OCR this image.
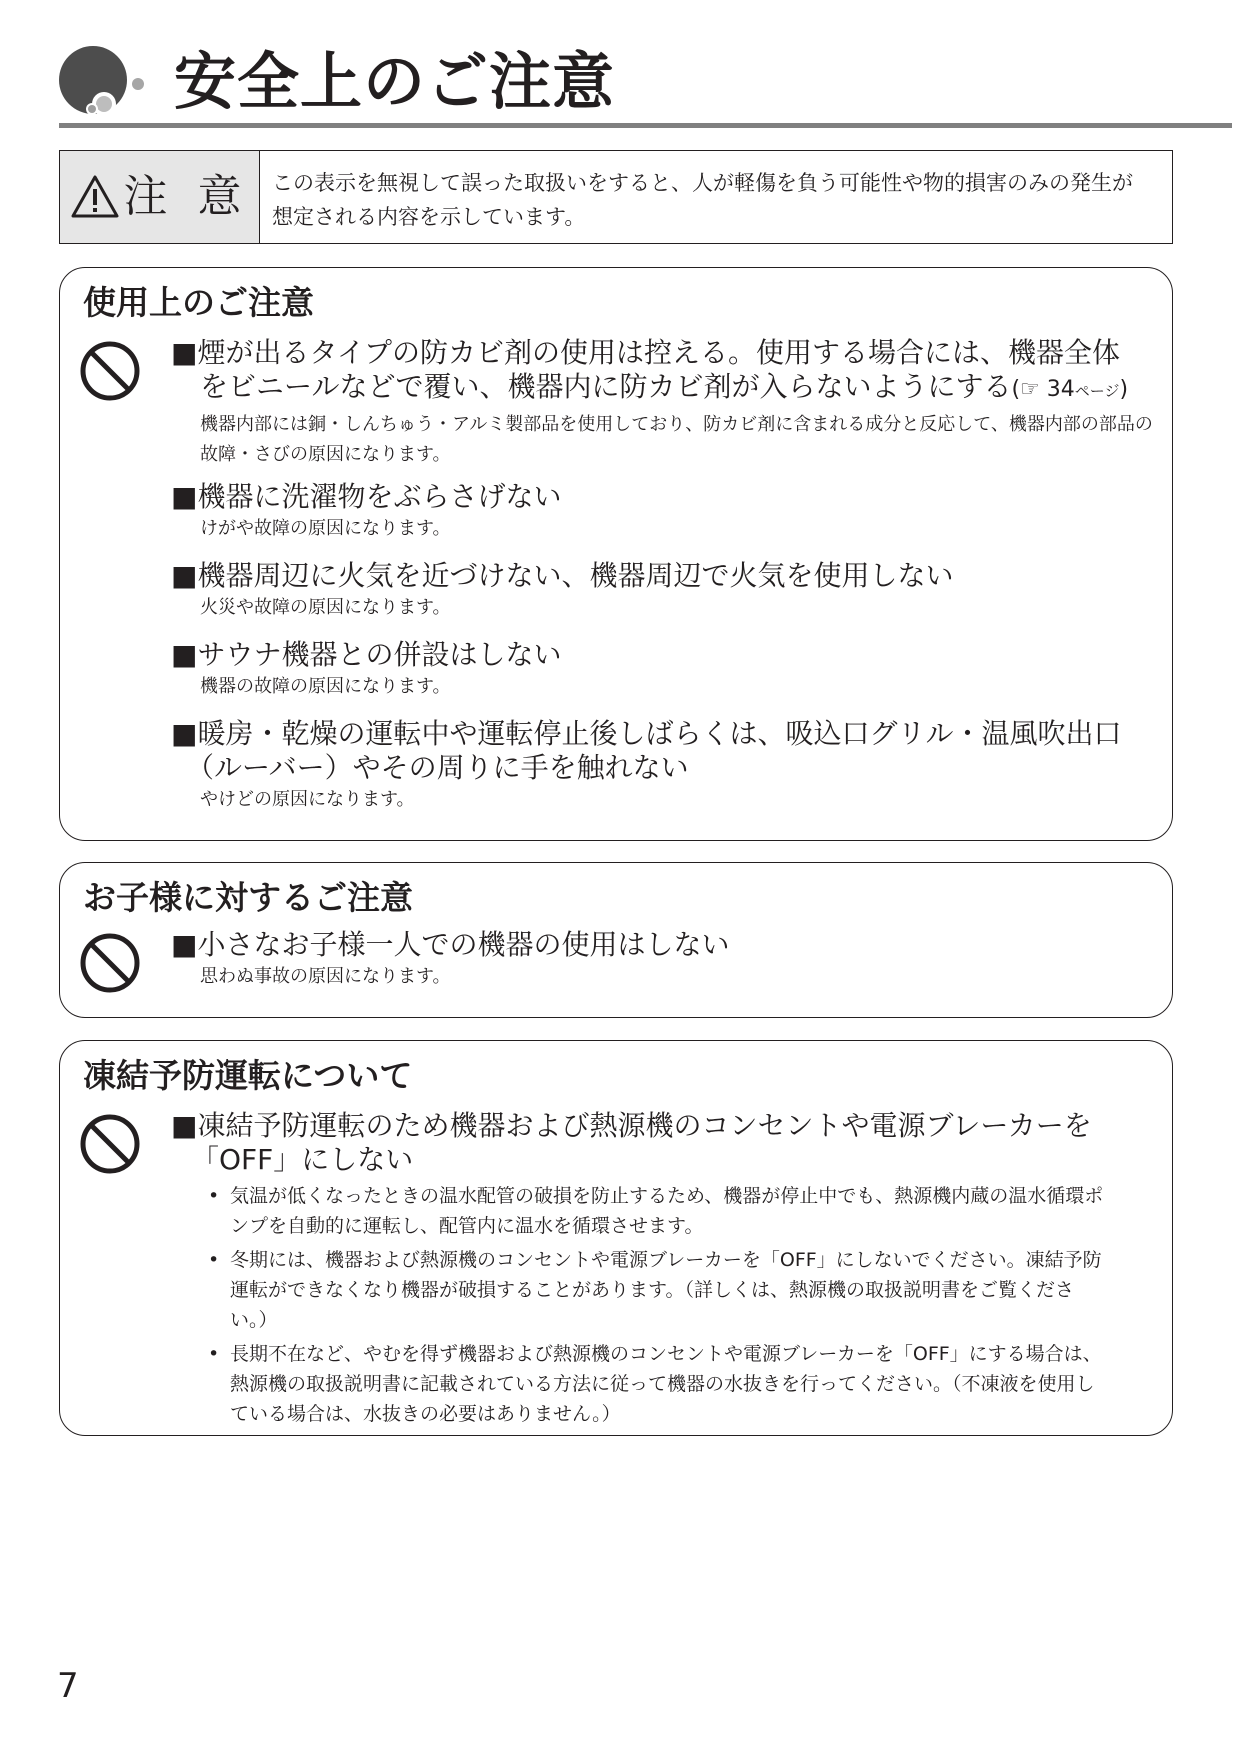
安全上のご注意
注 意	この表示を無視して誤った取扱いをすると、人が軽傷を負う可能性や物的損害のみの発生が想定される内容を示しています。
使用上のご注意
■煙が出るタイプの防カビ剤の使用は控える。使用する場合には、機器全体
をビニールなどで覆い、機器内に防カビ剤が入らないようにする(☞ 34ページ)
機器内部には銅・しんちゅう・アルミ製部品を使用しており、防カビ剤に含まれる成分と反応して、機器内部の部品の故障・さびの原因になります。
■機器に洗濯物をぶらさげない
けがや故障の原因になります。
■機器周辺に火気を近づけない、機器周辺で火気を使用しない
火災や故障の原因になります。
■サウナ機器との併設はしない
機器の故障の原因になります。
■暖房・乾燥の運転中や運転停止後しばらくは、吸込口グリル・温風吹出口
（ルーバー）やその周りに手を触れない
やけどの原因になります。
お子様に対するご注意
■小さなお子様一人での機器の使用はしない
思わぬ事故の原因になります。
凍結予防運転について
■凍結予防運転のため機器および熱源機のコンセントや電源ブレーカーを
「OFF」にしない
• 気温が低くなったときの温水配管の破損を防止するため、機器が停止中でも、熱源機内蔵の温水循環ポンプを自動的に運転し、配管内に温水を循環させます。
• 冬期には、機器および熱源機のコンセントや電源ブレーカーを「OFF」にしないでください。凍結予防運転ができなくなり機器が破損することがあります。（詳しくは、熱源機の取扱説明書をご覧ください。）
• 長期不在など、やむを得ず機器および熱源機のコンセントや電源ブレーカーを「OFF」にする場合は、熱源機の取扱説明書に記載されている方法に従って機器の水抜きを行ってください。（不凍液を使用している場合は、水抜きの必要はありません。）
7
